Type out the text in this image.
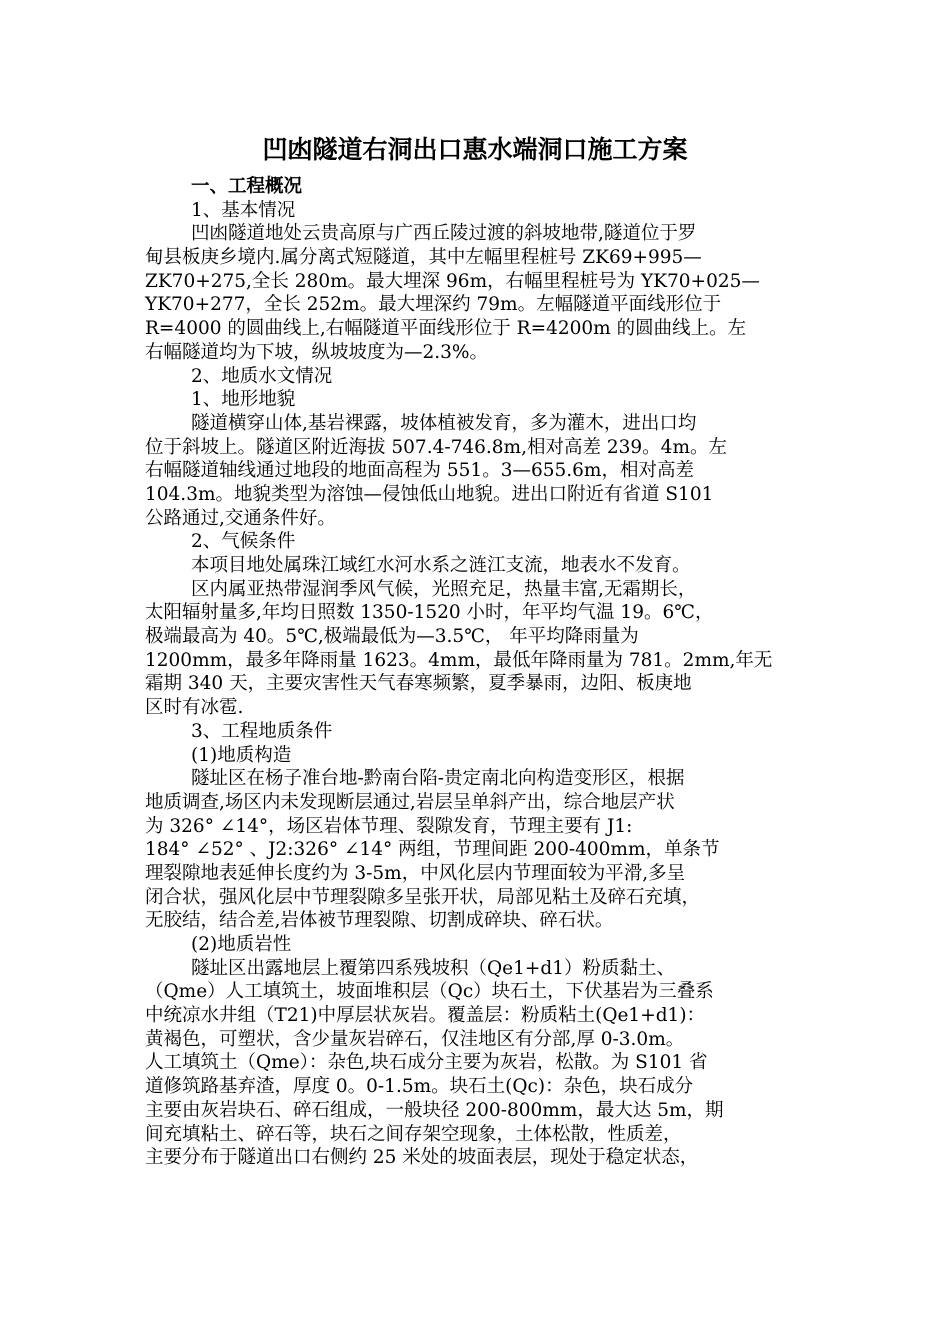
凹凼隧道右洞出口惠水端洞口施工方案
一、工程概况
1、基本情况
凹凼隧道地处云贵高原与广西丘陵过渡的斜坡地带,隧道位于罗
甸县板庚乡境内.属分离式短隧道，其中左幅里程桩号 ZK69+995—
ZK70+275,全长 280m。最大埋深 96m，右幅里程桩号为 YK70+025—
YK70+277，全长 252m。最大埋深约 79m。左幅隧道平面线形位于
R=4000 的圆曲线上,右幅隧道平面线形位于 R=4200m 的圆曲线上。左
右幅隧道均为下坡，纵坡坡度为—2.3%。
2、地质水文情况
1、地形地貌
隧道横穿山体,基岩裸露，坡体植被发育，多为灌木，进出口均
位于斜坡上。隧道区附近海拔 507.4-746.8m,相对高差 239。4m。左
右幅隧道轴线通过地段的地面高程为 551。3—655.6m，相对高差
104.3m。地貌类型为溶蚀—侵蚀低山地貌。进出口附近有省道 S101
公路通过,交通条件好。
2、气候条件
本项目地处属珠江域红水河水系之涟江支流，地表水不发育。
区内属亚热带湿润季风气候，光照充足，热量丰富,无霜期长，
太阳辐射量多,年均日照数 1350-1520 小时，年平均气温 19。6℃，
极端最高为 40。5℃,极端最低为—3.5℃， 年平均降雨量为
1200mm，最多年降雨量 1623。4mm，最低年降雨量为 781。2mm,年无
霜期 340 天，主要灾害性天气春寒频繁，夏季暴雨，边阳、板庚地
区时有冰雹.
3、工程地质条件
(1)地质构造
隧址区在杨子准台地-黔南台陷-贵定南北向构造变形区，根据
地质调查,场区内未发现断层通过,岩层呈单斜产出，综合地层产状
为 326° ∠14°，场区岩体节理、裂隙发育，节理主要有 J1:
184° ∠52° 、J2:326° ∠14° 两组，节理间距 200-400mm，单条节
理裂隙地表延伸长度约为 3-5m，中风化层内节理面较为平滑,多呈
闭合状，强风化层中节理裂隙多呈张开状，局部见粘土及碎石充填，
无胶结，结合差,岩体被节理裂隙、切割成碎块、碎石状。
(2)地质岩性
隧址区出露地层上覆第四系残坡积（Qe1+d1）粉质黏土、
（Qme）人工填筑土，坡面堆积层（Qc）块石土，下伏基岩为三叠系
中统凉水井组（T21)中厚层状灰岩。覆盖层：粉质粘土(Qe1+d1)：
黄褐色，可塑状，含少量灰岩碎石，仅洼地区有分部,厚 0-3.0m。
人工填筑土（Qme）：杂色,块石成分主要为灰岩，松散。为 S101 省
道修筑路基弃渣，厚度 0。0-1.5m。块石土(Qc)：杂色，块石成分
主要由灰岩块石、碎石组成，一般块径 200-800mm，最大达 5m，期
间充填粘土、碎石等，块石之间存架空现象，土体松散，性质差，
主要分布于隧道出口右侧约 25 米处的坡面表层，现处于稳定状态，
